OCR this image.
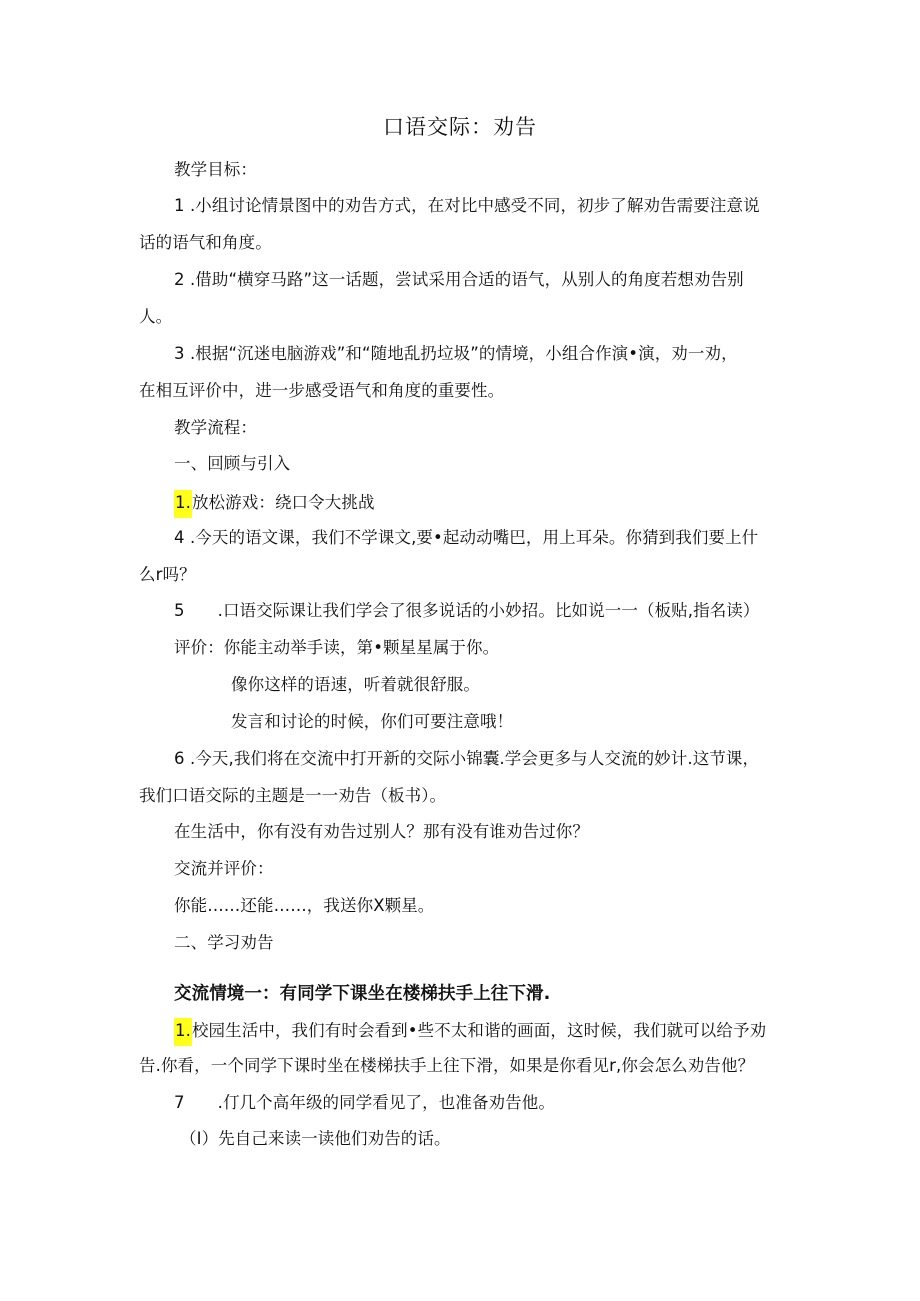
口语交际：劝告
教学目标：
1 .小组讨论情景图中的劝告方式，在对比中感受不同，初步了解劝告需要注意说
话的语气和角度。
2 .借助“横穿马路”这一话题，尝试采用合适的语气，从别人的角度若想劝告别
人。
3 .根据“沉迷电脑游戏”和“随地乱扔垃圾”的情境，小组合作演•演，劝一劝，
在相互评价中，进一步感受语气和角度的重要性。
教学流程：
一、回顾与引入
1.放松游戏：绕口令大挑战
4 .今天的语文课，我们不学课文,要•起动动嘴巴，用上耳朵。你猜到我们要上什
么r吗？
5 .口语交际课让我们学会了很多说话的小妙招。比如说一一（板贴,指名读）
评价：你能主动举手读，第•颗星星属于你。
像你这样的语速，听着就很舒服。
发言和讨论的时候，你们可要注意哦！
6 .今天,我们将在交流中打开新的交际小锦囊.学会更多与人交流的妙计.这节课，
我们口语交际的主题是一一劝告（板书）。
在生活中，你有没有劝告过别人？那有没有谁劝告过你？
交流并评价：
你能……还能……，我送你X颗星。
二、学习劝告
交流情境一：有同学下课坐在楼梯扶手上往下滑.
1.校园生活中，我们有时会看到•些不太和谐的画面，这时候，我们就可以给予劝
告.你看，一个同学下课时坐在楼梯扶手上往下滑，如果是你看见r,你会怎么劝告他？
7 .仃几个高年级的同学看见了，也准备劝告他。
（I）先自己来读一读他们劝告的话。
